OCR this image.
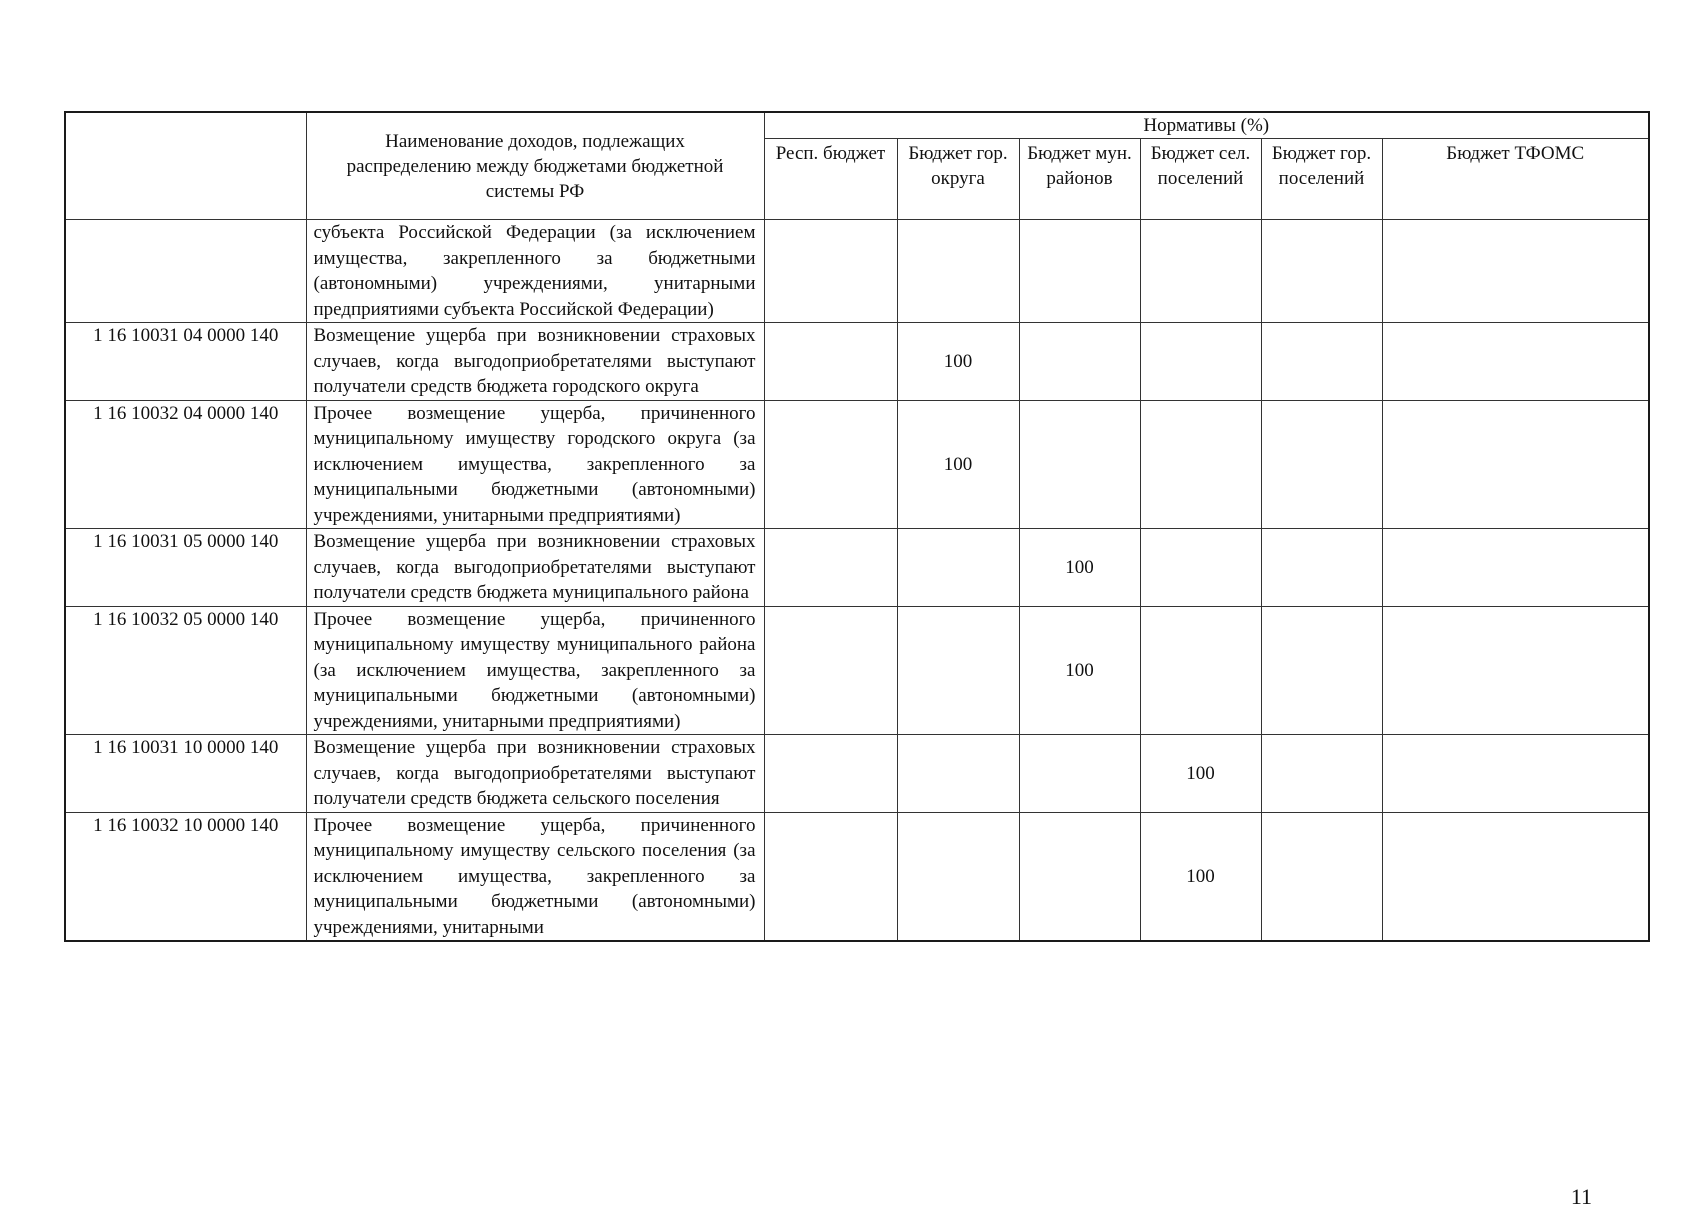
	Наименование доходов, подлежащих распределению между бюджетами бюджетной системы РФ	Нормативы (%)					
		Респ. бюджет	Бюджет гор. округа	Бюджет мун. районов	Бюджет сел. поселений	Бюджет гор. поселений	Бюджет ТФОМС
	субъекта Российской Федерации (за исключением имущества, закрепленного за бюджетными (автономными) учреждениями, унитарными предприятиями субъекта Российской Федерации)						
1 16 10031 04 0000 140	Возмещение ущерба при возникновении страховых случаев, когда выгодоприобретателями выступают получатели средств бюджета городского округа		100				
1 16 10032 04 0000 140	Прочее возмещение ущерба, причиненного муниципальному имуществу городского округа (за исключением имущества, закрепленного за муниципальными бюджетными (автономными) учреждениями, унитарными предприятиями)		100				
1 16 10031 05 0000 140	Возмещение ущерба при возникновении страховых случаев, когда выгодоприобретателями выступают получатели средств бюджета муниципального района			100			
1 16 10032 05 0000 140	Прочее возмещение ущерба, причиненного муниципальному имуществу муниципального района (за исключением имущества, закрепленного за муниципальными бюджетными (автономными) учреждениями, унитарными предприятиями)			100			
1 16 10031 10 0000 140	Возмещение ущерба при возникновении страховых случаев, когда выгодоприобретателями выступают получатели средств бюджета сельского поселения				100		
1 16 10032 10 0000 140	Прочее возмещение ущерба, причиненного муниципальному имуществу сельского поселения (за исключением имущества, закрепленного за муниципальными бюджетными (автономными) учреждениями, унитарными				100		
11
